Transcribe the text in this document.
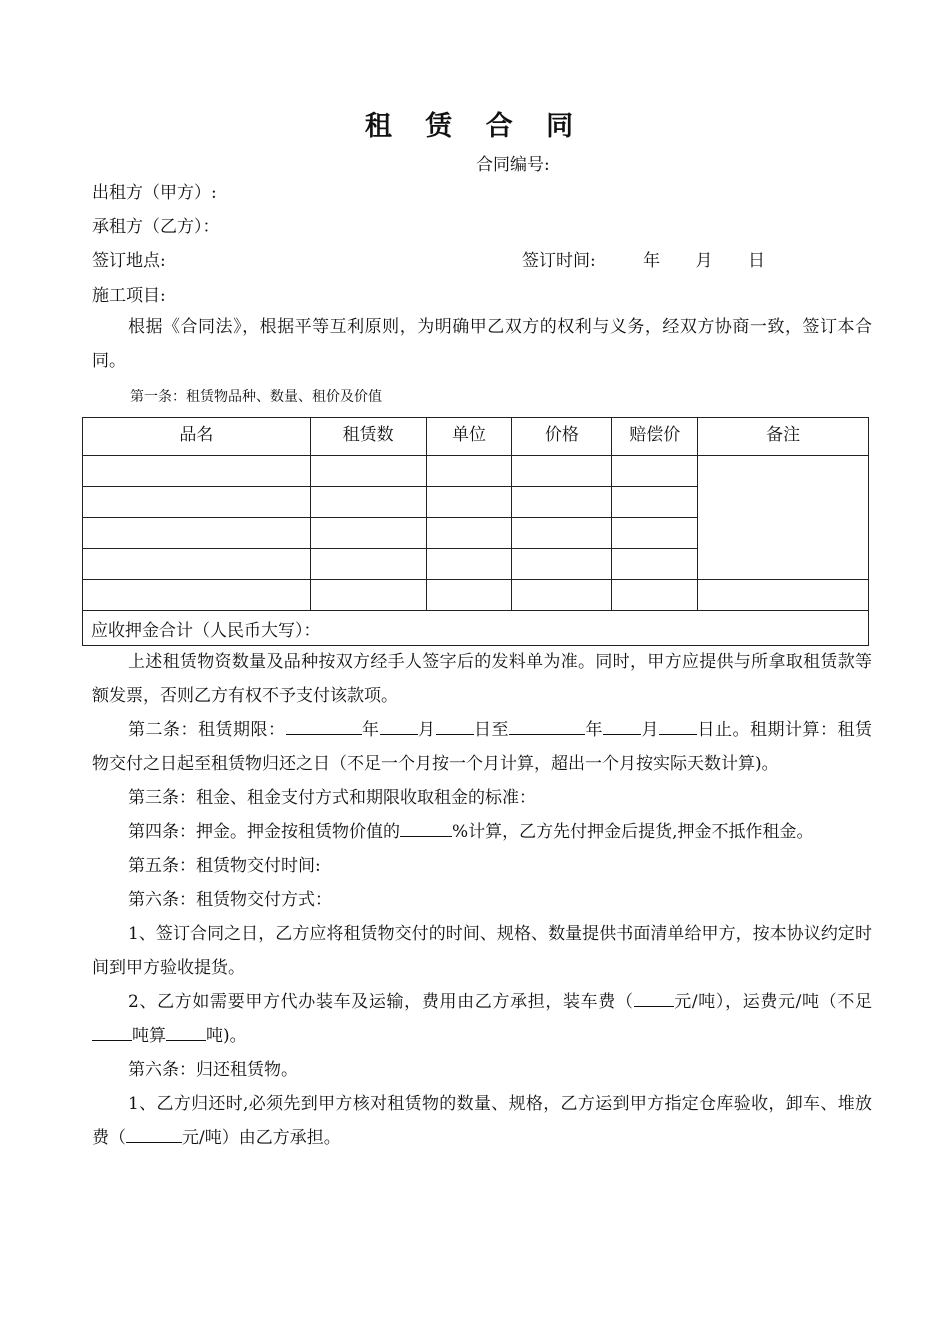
租 赁 合 同
合同编号:
出租方（甲方）:
承租方（乙方）：
签订地点:	签订时间:	年 月 日
施工项目:

根据《合同法》，根据平等互利原则，为明确甲乙双方的权利与义务，经双方协商一致，签订本合同。

第一条：租赁物品种、数量、租价及价值
品名	租赁数	单位	价格	赔偿价	备注

应收押金合计（人民币大写）：					

上述租赁物资数量及品种按双方经手人签字后的发料单为准。同时，甲方应提供与所拿取租赁款等额发票，否则乙方有权不予支付该款项。

第二条：租赁期限：	年 月 日至	年 月 日止。租期计算：租赁物交付之日起至租赁物归还之日（不足一个月按一个月计算，超出一个月按实际天数计算)。

第三条：租金、租金支付方式和期限收取租金的标准：

第四条：押金。押金按租赁物价值的	%计算，乙方先付押金后提货,押金不抵作租金。

第五条：租赁物交付时间:

第六条：租赁物交付方式：

1、签订合同之日，乙方应将租赁物交付的时间、规格、数量提供书面清单给甲方，按本协议约定时间到甲方验收提货。

2、乙方如需要甲方代办装车及运输，费用由乙方承担，装车费（ 元/吨），运费元/吨（不足吨算 吨)。

第六条：归还租赁物。

1、乙方归还时,必须先到甲方核对租赁物的数量、规格，乙方运到甲方指定仓库验收，卸车、堆放费（	元/吨）由乙方承担。
